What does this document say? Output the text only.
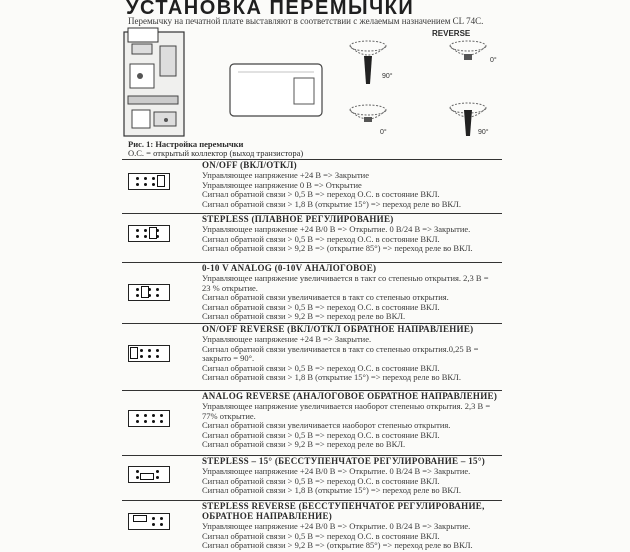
УСТАНОВКА ПЕРЕМЫЧКИ
Перемычку на печатной плате выставляют в соответствии с желаемым назначением CL 74C.
REVERSE
90°
0°
0°	90°
Рис. 1: Настройка перемычки
О.С. = открытый коллектор (выход транзистора)
ON/OFF (ВКЛ/ОТКЛ)
Управляющее напряжение +24 В => Закрытие
Управляющее напряжение 0 В => Открытие
Сигнал обратной связи > 0,5 В => переход О.С. в состояние ВКЛ.
Сигнал обратной связи > 1,8 В (открытие 15°) => переход реле во ВКЛ.
STEPLESS (ПЛАВНОЕ РЕГУЛИРОВАНИЕ)
Управляющее напряжение +24 В/0 В => Открытие. 0 В/24 В => Закрытие.
Сигнал обратной связи > 0,5 В => переход О.С. в состояние ВКЛ.
Сигнал обратной связи > 9,2 В => (открытие 85°) => переход реле во ВКЛ.
0-10 V ANALOG (0-10V АНАЛОГОВОЕ)
Управляющее напряжение увеличивается в такт со степенью открытия. 2,3 В =
23 % открытие.
Сигнал обратной связи увеличивается в такт со степенью открытия.
Сигнал обратной связи > 0,5 В => переход О.С. в состояние ВКЛ.
Сигнал обратной связи > 9,2 В => переход реле во ВКЛ.
ON/OFF REVERSE (ВКЛ/ОТКЛ ОБРАТНОЕ НАПРАВЛЕНИЕ)
Управляющее напряжение +24 В => Закрытие.
Сигнал обратной связи увеличивается в такт со степенью открытия.0,25 В =
закрыто = 90°.
Сигнал обратной связи > 0,5 В => переход О.С. в состояние ВКЛ.
Сигнал обратной связи > 1,8 В (открытие 15°) => переход реле во ВКЛ.
ANALOG REVERSE (АНАЛОГОВОЕ ОБРАТНОЕ НАПРАВЛЕНИЕ)
Управляющее напряжение увеличивается наоборот степенью открытия. 2,3 В =
77% открытие.
Сигнал обратной связи увеличивается наоборот степенью открытия.
Сигнал обратной связи > 0,5 В => переход О.С. в состояние ВКЛ.
Сигнал обратной связи > 9,2 В => переход реле во ВКЛ.
STEPLESS – 15° (БЕССТУПЕНЧАТОЕ РЕГУЛИРОВАНИЕ – 15°)
Управляющее напряжение +24 В/0 В => Открытие. 0 В/24 В => Закрытие.
Сигнал обратной связи > 0,5 В => переход О.С. в состояние ВКЛ.
Сигнал обратной связи > 1,8 В (открытие 15°) => переход реле во ВКЛ.
STEPLESS REVERSE (БЕССТУПЕНЧАТОЕ РЕГУЛИРОВАНИЕ,
ОБРАТНОЕ НАПРАВЛЕНИЕ)
Управляющее напряжение +24 В/0 В => Открытие. 0 В/24 В => Закрытие.
Сигнал обратной связи > 0,5 В => переход О.С. в состояние ВКЛ.
Сигнал обратной связи > 9,2 В => (открытие 85°) => переход реле во ВКЛ.
